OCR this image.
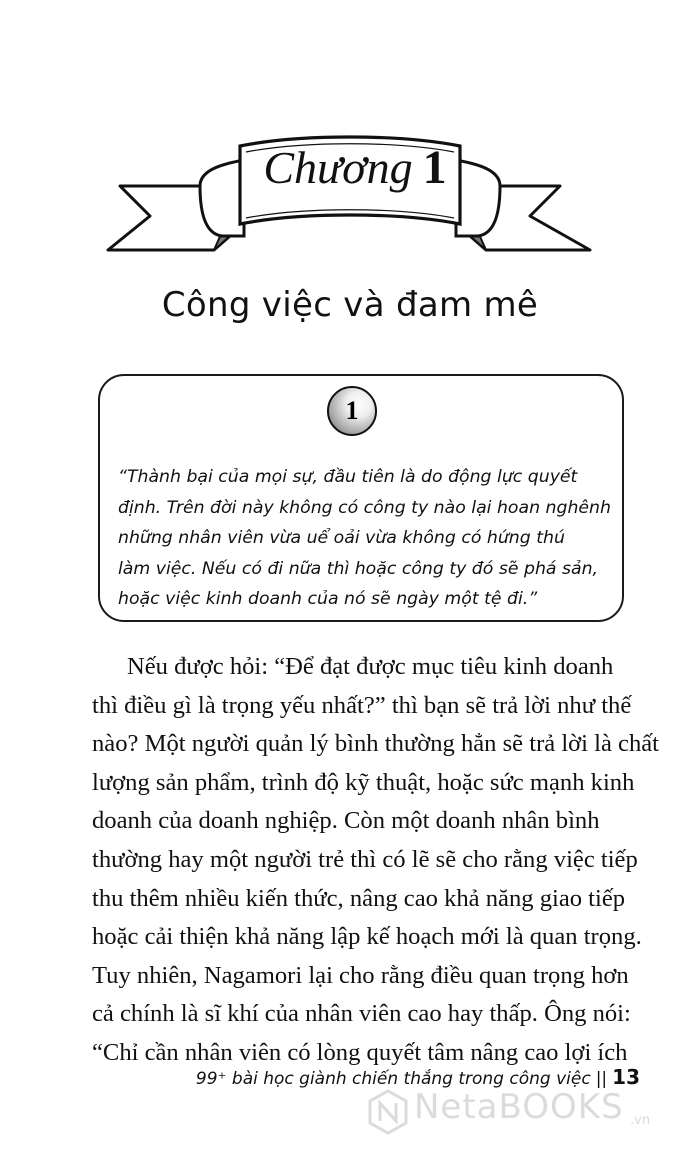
Chương 1
Công việc và đam mê
1
“Thành bại của mọi sự, đầu tiên là do động lực quyết
định. Trên đời này không có công ty nào lại hoan nghênh
những nhân viên vừa uể oải vừa không có hứng thú
làm việc. Nếu có đi nữa thì hoặc công ty đó sẽ phá sản,
hoặc việc kinh doanh của nó sẽ ngày một tệ đi.”
Nếu được hỏi: “Để đạt được mục tiêu kinh doanh
thì điều gì là trọng yếu nhất?” thì bạn sẽ trả lời như thế
nào? Một người quản lý bình thường hẳn sẽ trả lời là chất
lượng sản phẩm, trình độ kỹ thuật, hoặc sức mạnh kinh
doanh của doanh nghiệp. Còn một doanh nhân bình
thường hay một người trẻ thì có lẽ sẽ cho rằng việc tiếp
thu thêm nhiều kiến thức, nâng cao khả năng giao tiếp
hoặc cải thiện khả năng lập kế hoạch mới là quan trọng.
Tuy nhiên, Nagamori lại cho rằng điều quan trọng hơn
cả chính là sĩ khí của nhân viên cao hay thấp. Ông nói:
“Chỉ cần nhân viên có lòng quyết tâm nâng cao lợi ích
99⁺ bài học giành chiến thắng trong công việc || 13
NetaBOOKS .vn
